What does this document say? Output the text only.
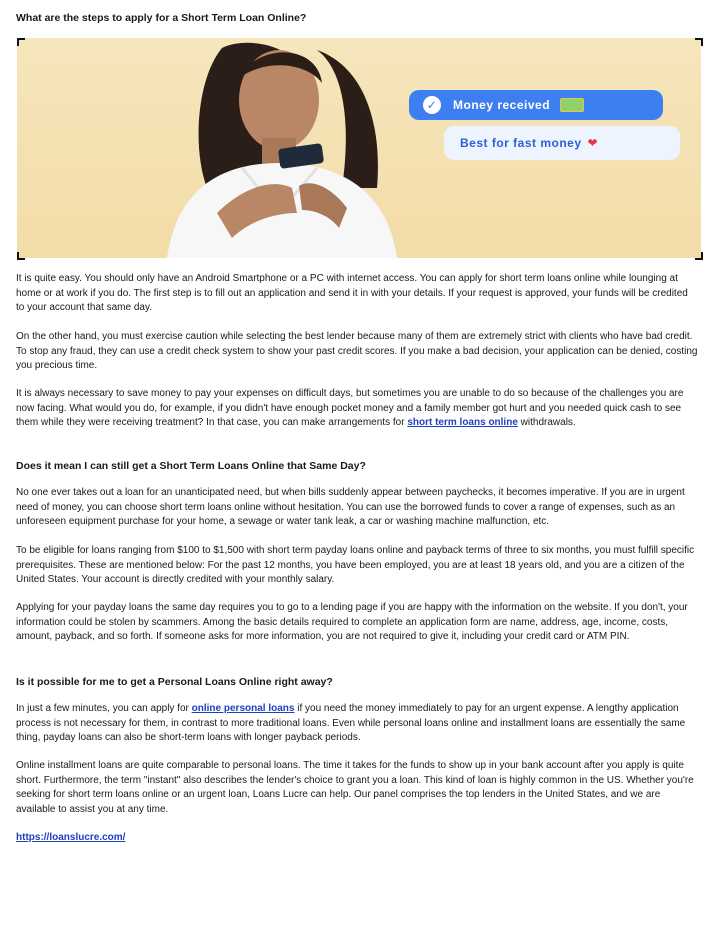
What are the steps to apply for a Short Term Loan Online?
✓	Money received
Best for fast money ❤

It is quite easy. You should only have an Android Smartphone or a PC with internet access. You can apply for short term loans online while lounging at home or at work if you do. The first step is to fill out an application and send it in with your details. If your request is approved, your funds will be credited to your account that same day.

On the other hand, you must exercise caution while selecting the best lender because many of them are extremely strict with clients who have bad credit. To stop any fraud, they can use a credit check system to show your past credit scores. If you make a bad decision, your application can be denied, costing you precious time.

It is always necessary to save money to pay your expenses on difficult days, but sometimes you are unable to do so because of the challenges you are now facing. What would you do, for example, if you didn't have enough pocket money and a family member got hurt and you needed quick cash to see them while they were receiving treatment? In that case, you can make arrangements for short term loans online withdrawals.

Does it mean I can still get a Short Term Loans Online that Same Day?

No one ever takes out a loan for an unanticipated need, but when bills suddenly appear between paychecks, it becomes imperative. If you are in urgent need of money, you can choose short term loans online without hesitation. You can use the borrowed funds to cover a range of expenses, such as an unforeseen equipment purchase for your home, a sewage or water tank leak, a car or washing machine malfunction, etc.

To be eligible for loans ranging from $100 to $1,500 with short term payday loans online and payback terms of three to six months, you must fulfill specific prerequisites. These are mentioned below: For the past 12 months, you have been employed, you are at least 18 years old, and you are a citizen of the United States. Your account is directly credited with your monthly salary.

Applying for your payday loans the same day requires you to go to a lending page if you are happy with the information on the website. If you don't, your information could be stolen by scammers. Among the basic details required to complete an application form are name, address, age, income, costs, amount, payback, and so forth. If someone asks for more information, you are not required to give it, including your credit card or ATM PIN.

Is it possible for me to get a Personal Loans Online right away?

In just a few minutes, you can apply for online personal loans if you need the money immediately to pay for an urgent expense. A lengthy application process is not necessary for them, in contrast to more traditional loans. Even while personal loans online and installment loans are essentially the same thing, payday loans can also be short-term loans with longer payback periods.

Online installment loans are quite comparable to personal loans. The time it takes for the funds to show up in your bank account after you apply is quite short. Furthermore, the term "instant" also describes the lender's choice to grant you a loan. This kind of loan is highly common in the US. Whether you're seeking for short term loans online or an urgent loan, Loans Lucre can help. Our panel comprises the top lenders in the United States, and we are available to assist you at any time.

https://loanslucre.com/
